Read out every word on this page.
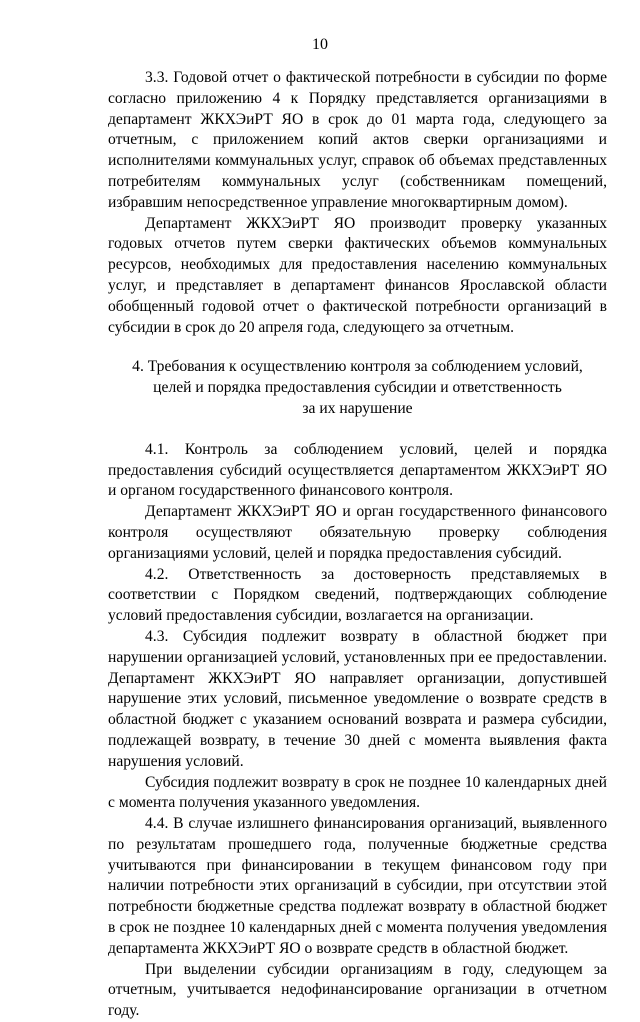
10

3.3. Годовой отчет о фактической потребности в субсидии по форме согласно приложению 4 к Порядку представляется организациями в департамент ЖКХЭиРТ ЯО в срок до 01 марта года, следующего за отчетным, с приложением копий актов сверки организациями и исполнителями коммунальных услуг, справок об объемах представленных потребителям коммунальных услуг (собственникам помещений, избравшим непосредственное управление многоквартирным домом).

Департамент ЖКХЭиРТ ЯО производит проверку указанных годовых отчетов путем сверки фактических объемов коммунальных ресурсов, необходимых для предоставления населению коммунальных услуг, и представляет в департамент финансов Ярославской области обобщенный годовой отчет о фактической потребности организаций в субсидии в срок до 20 апреля года, следующего за отчетным.

4. Требования к осуществлению контроля за соблюдением условий,
целей и порядка предоставления субсидии и ответственность
за их нарушение

4.1. Контроль за соблюдением условий, целей и порядка предоставления субсидий осуществляется департаментом ЖКХЭиРТ ЯО и органом государственного финансового контроля.

Департамент ЖКХЭиРТ ЯО и орган государственного финансового контроля осуществляют обязательную проверку соблюдения организациями условий, целей и порядка предоставления субсидий.

4.2. Ответственность за достоверность представляемых в соответствии с Порядком сведений, подтверждающих соблюдение условий предоставления субсидии, возлагается на организации.

4.3. Субсидия подлежит возврату в областной бюджет при нарушении организацией условий, установленных при ее предоставлении. Департамент ЖКХЭиРТ ЯО направляет организации, допустившей нарушение этих условий, письменное уведомление о возврате средств в областной бюджет с указанием оснований возврата и размера субсидии, подлежащей возврату, в течение 30 дней с момента выявления факта нарушения условий.

Субсидия подлежит возврату в срок не позднее 10 календарных дней с момента получения указанного уведомления.

4.4. В случае излишнего финансирования организаций, выявленного по результатам прошедшего года, полученные бюджетные средства учитываются при финансировании в текущем финансовом году при наличии потребности этих организаций в субсидии, при отсутствии этой потребности бюджетные средства подлежат возврату в областной бюджет в срок не позднее 10 календарных дней с момента получения уведомления департамента ЖКХЭиРТ ЯО о возврате средств в областной бюджет.

При выделении субсидии организациям в году, следующем за отчетным, учитывается недофинансирование организации в отчетном году.
